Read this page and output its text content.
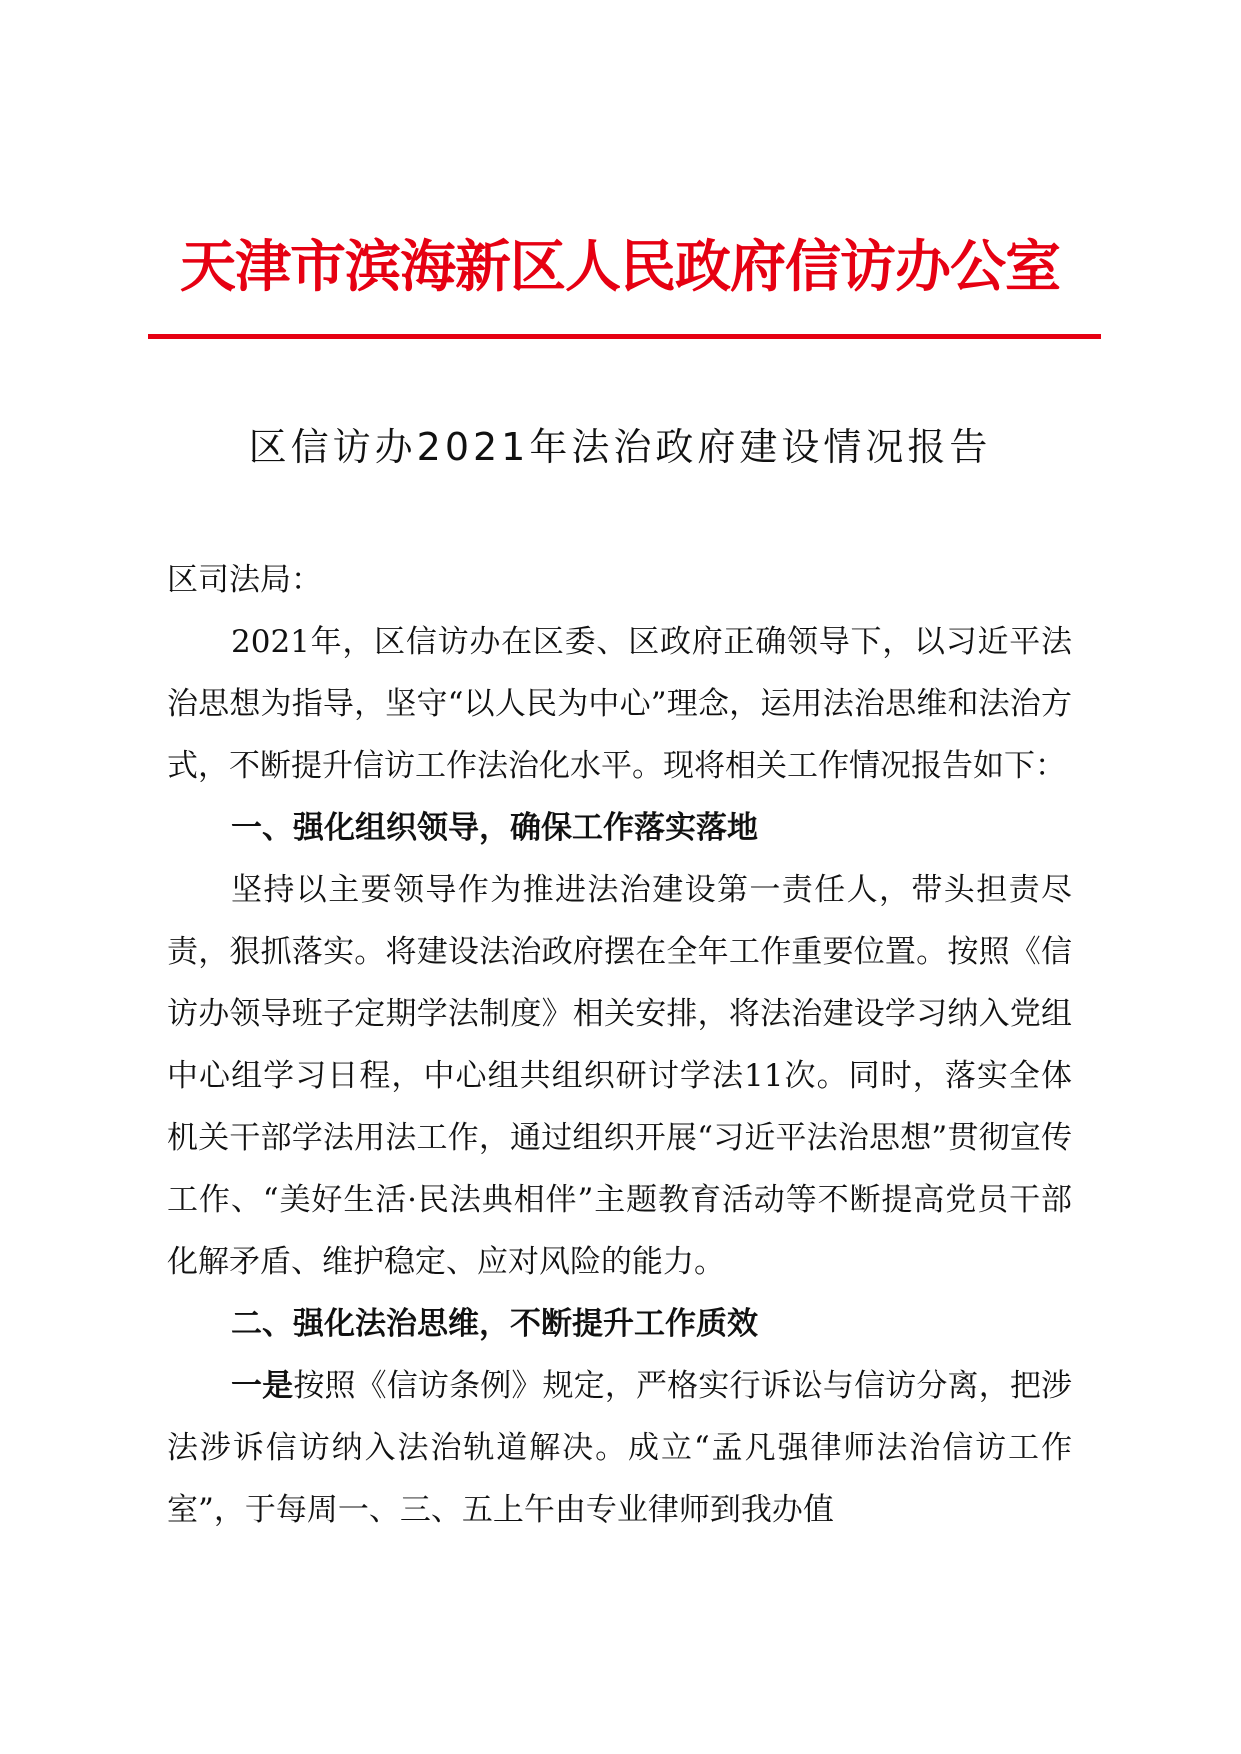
天津市滨海新区人民政府信访办公室
区信访办2021年法治政府建设情况报告

区司法局：

2021年，区信访办在区委、区政府正确领导下，以习近平法治思想为指导，坚守“以人民为中心”理念，运用法治思维和法治方式，不断提升信访工作法治化水平。现将相关工作情况报告如下：

一、强化组织领导，确保工作落实落地

坚持以主要领导作为推进法治建设第一责任人，带头担责尽责，狠抓落实。将建设法治政府摆在全年工作重要位置。按照《信访办领导班子定期学法制度》相关安排，将法治建设学习纳入党组中心组学习日程，中心组共组织研讨学法11次。同时，落实全体机关干部学法用法工作，通过组织开展“习近平法治思想”贯彻宣传工作、“美好生活·民法典相伴”主题教育活动等不断提高党员干部化解矛盾、维护稳定、应对风险的能力。

二、强化法治思维，不断提升工作质效

一是按照《信访条例》规定，严格实行诉讼与信访分离，把涉法涉诉信访纳入法治轨道解决。成立“孟凡强律师法治信访工作室”，于每周一、三、五上午由专业律师到我办值
